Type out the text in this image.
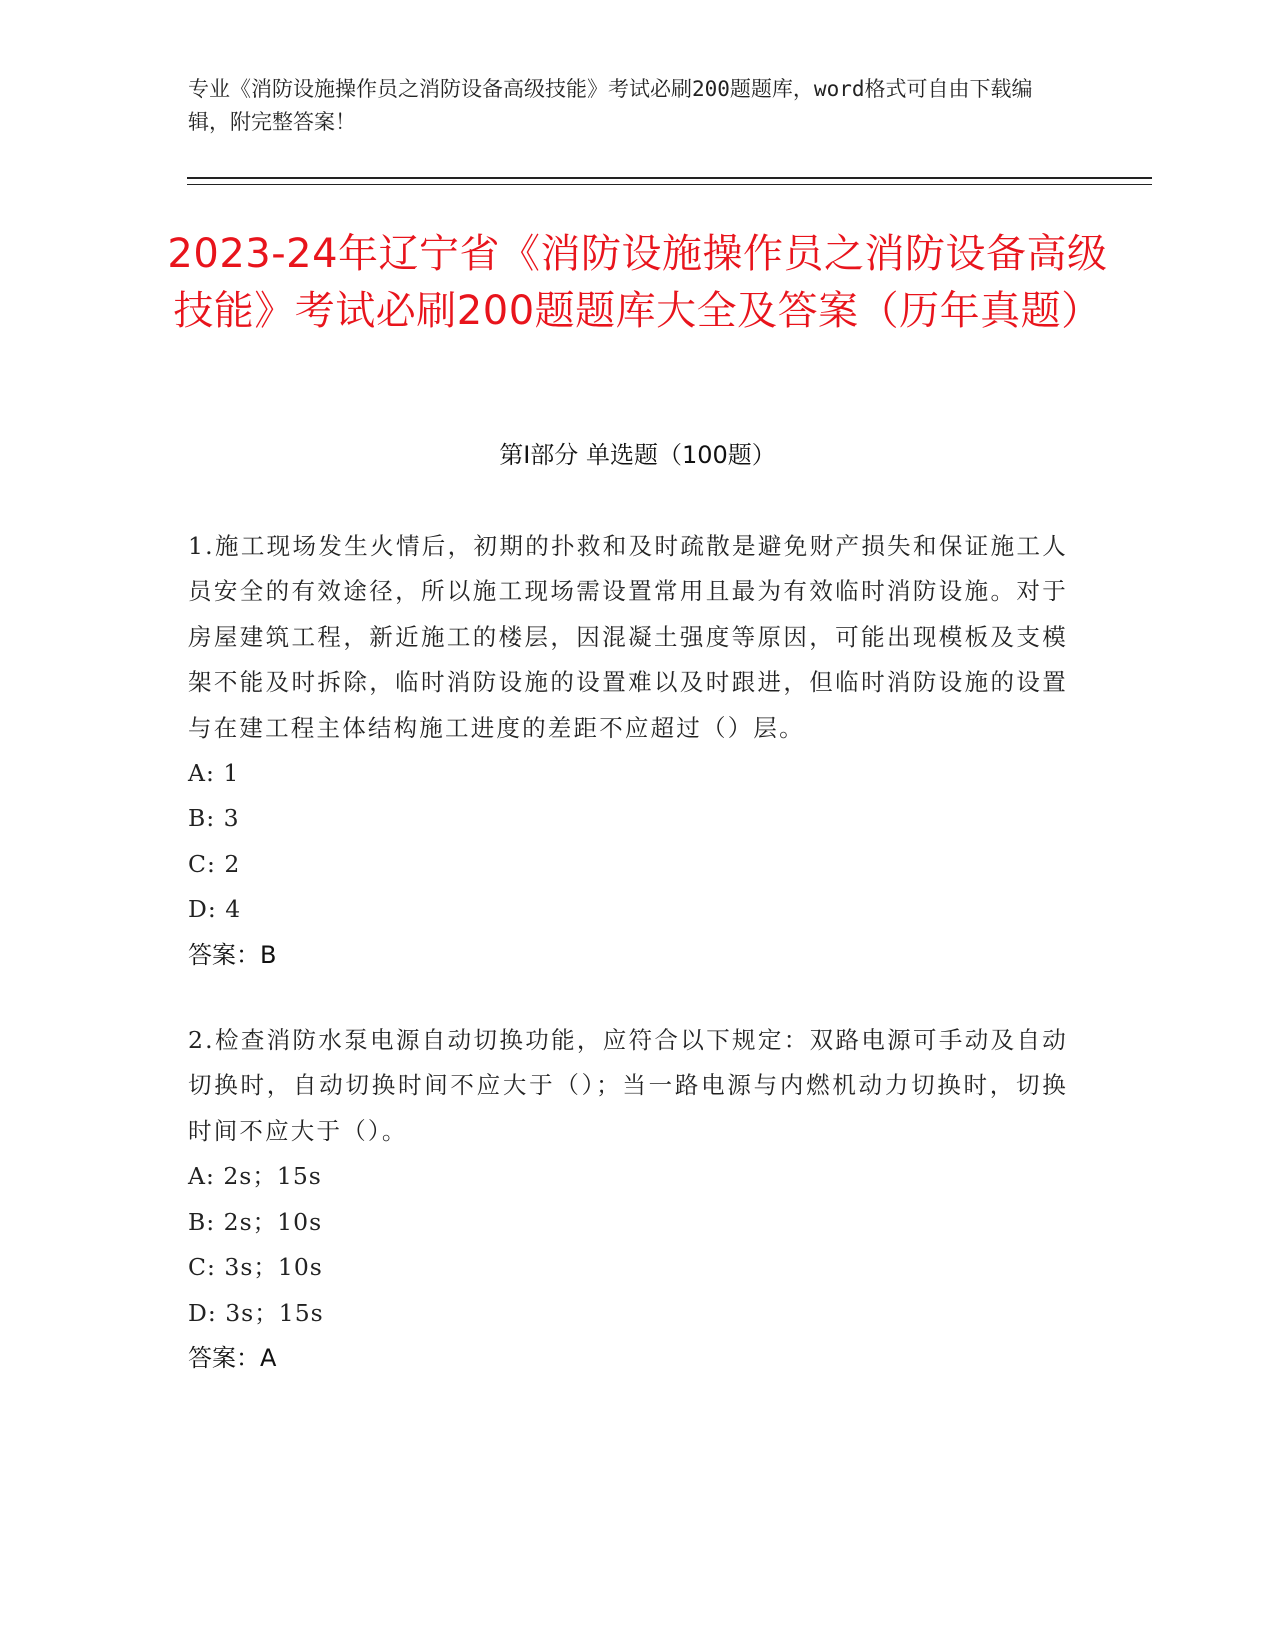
专业《消防设施操作员之消防设备高级技能》考试必刷200题题库，word格式可自由下载编辑，附完整答案！
2023-24年辽宁省《消防设施操作员之消防设备高级技能》考试必刷200题题库大全及答案（历年真题）
第I部分 单选题（100题）

1.施工现场发生火情后，初期的扑救和及时疏散是避免财产损失和保证施工人员安全的有效途径，所以施工现场需设置常用且最为有效临时消防设施。对于房屋建筑工程，新近施工的楼层，因混凝土强度等原因，可能出现模板及支模架不能及时拆除，临时消防设施的设置难以及时跟进，但临时消防设施的设置与在建工程主体结构施工进度的差距不应超过（）层。

A: 1

B: 3

C: 2

D: 4

答案：B

2.检查消防水泵电源自动切换功能，应符合以下规定：双路电源可手动及自动切换时，自动切换时间不应大于（）；当一路电源与内燃机动力切换时，切换时间不应大于（）。

A: 2s；15s

B: 2s；10s

C: 3s；10s

D: 3s；15s

答案：A
